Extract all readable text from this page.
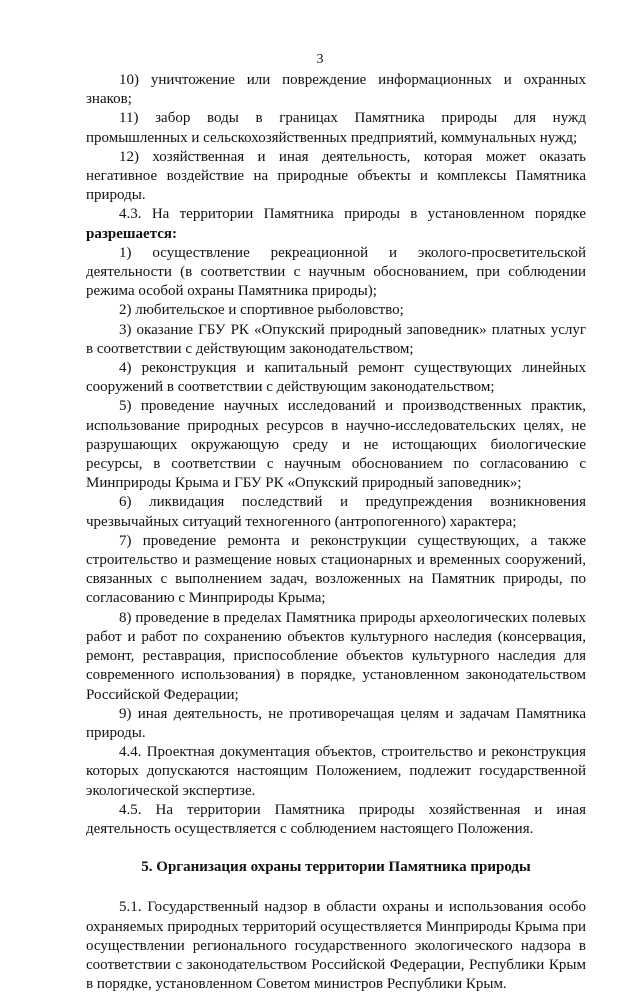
3

10) уничтожение или повреждение информационных и охранных знаков;

11) забор воды в границах Памятника природы для нужд промышленных и сельскохозяйственных предприятий, коммунальных нужд;

12) хозяйственная и иная деятельность, которая может оказать негативное воздействие на природные объекты и комплексы Памятника природы.

4.3. На территории Памятника природы в установленном порядке разрешается:

1) осуществление рекреационной и эколого-просветительской деятельности (в соответствии с научным обоснованием, при соблюдении режима особой охраны Памятника природы);

2) любительское и спортивное рыболовство;

3) оказание ГБУ РК «Опукский природный заповедник» платных услуг в соответствии с действующим законодательством;

4) реконструкция и капитальный ремонт существующих линейных сооружений в соответствии с действующим законодательством;

5) проведение научных исследований и производственных практик, использование природных ресурсов в научно-исследовательских целях, не разрушающих окружающую среду и не истощающих биологические ресурсы, в соответствии с научным обоснованием по согласованию с Минприроды Крыма и ГБУ РК «Опукский природный заповедник»;

6) ликвидация последствий и предупреждения возникновения чрезвычайных ситуаций техногенного (антропогенного) характера;

7) проведение ремонта и реконструкции существующих, а также строительство и размещение новых стационарных и временных сооружений, связанных с выполнением задач, возложенных на Памятник природы, по согласованию с Минприроды Крыма;

8) проведение в пределах Памятника природы археологических полевых работ и работ по сохранению объектов культурного наследия (консервация, ремонт, реставрация, приспособление объектов культурного наследия для современного использования) в порядке, установленном законодательством Российской Федерации;

9) иная деятельность, не противоречащая целям и задачам Памятника природы.

4.4. Проектная документация объектов, строительство и реконструкция которых допускаются настоящим Положением, подлежит государственной экологической экспертизе.

4.5. На территории Памятника природы хозяйственная и иная деятельность осуществляется с соблюдением настоящего Положения.

5. Организация охраны территории Памятника природы

5.1. Государственный надзор в области охраны и использования особо охраняемых природных территорий осуществляется Минприроды Крыма при осуществлении регионального государственного экологического надзора в соответствии с законодательством Российской Федерации, Республики Крым в порядке, установленном Советом министров Республики Крым.
